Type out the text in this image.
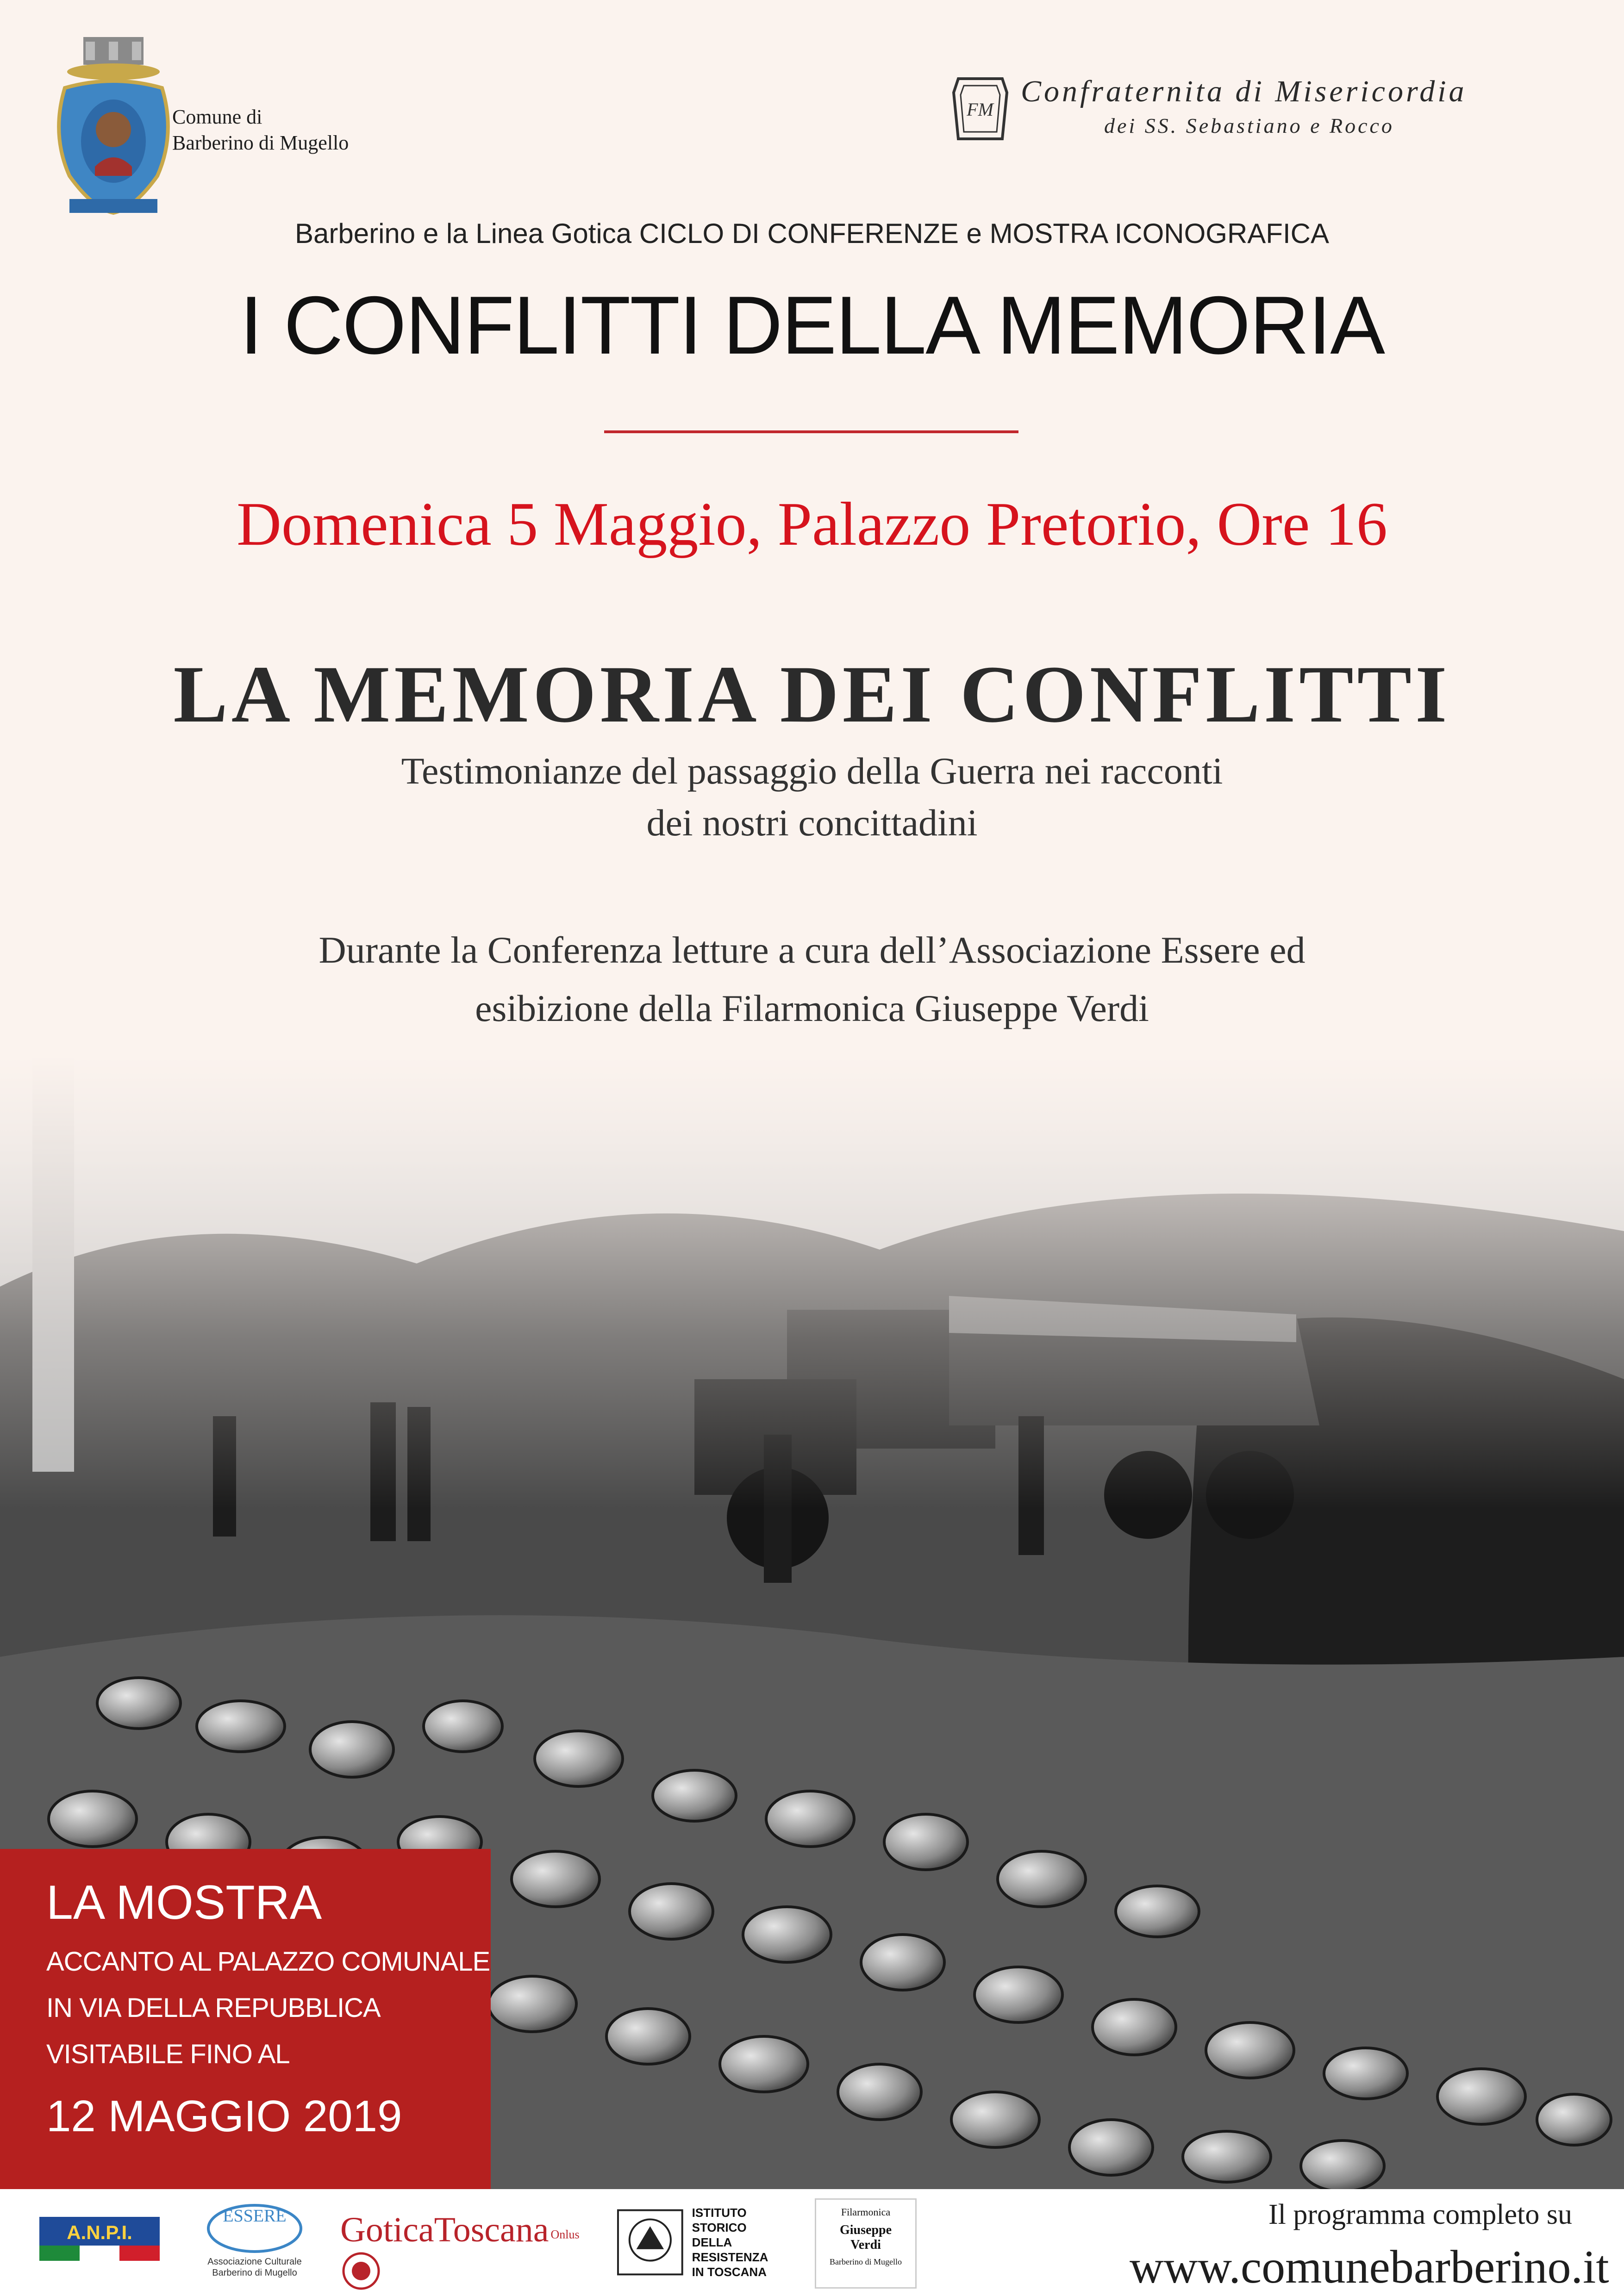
Comune di
Barberino di Mugello
FM
Confraternita di Misericordia
dei SS. Sebastiano e Rocco
Barberino e la Linea Gotica CICLO DI CONFERENZE e MOSTRA ICONOGRAFICA
I CONFLITTI DELLA MEMORIA
Domenica 5 Maggio, Palazzo Pretorio, Ore 16
LA MEMORIA DEI CONFLITTI
Testimonianze del passaggio della Guerra nei racconti
dei nostri concittadini
Durante la Conferenza letture a cura dell’Associazione Essere ed
esibizione della Filarmonica Giuseppe Verdi
LA MOSTRA
ACCANTO AL PALAZZO COMUNALE
IN VIA DELLA REPUBBLICA
VISITABILE FINO AL
12 MAGGIO 2019
A.N.P.I.
ESSERE
Associazione Culturale
Barberino di Mugello
GoticaToscana $^{Onlus}$
ISTITUTO
STORICO
DELLA RESISTENZA
IN TOSCANA
Filarmonica
Giuseppe
Verdi
Barberino di Mugello
Il programma completo su
www.comunebarberino.it
